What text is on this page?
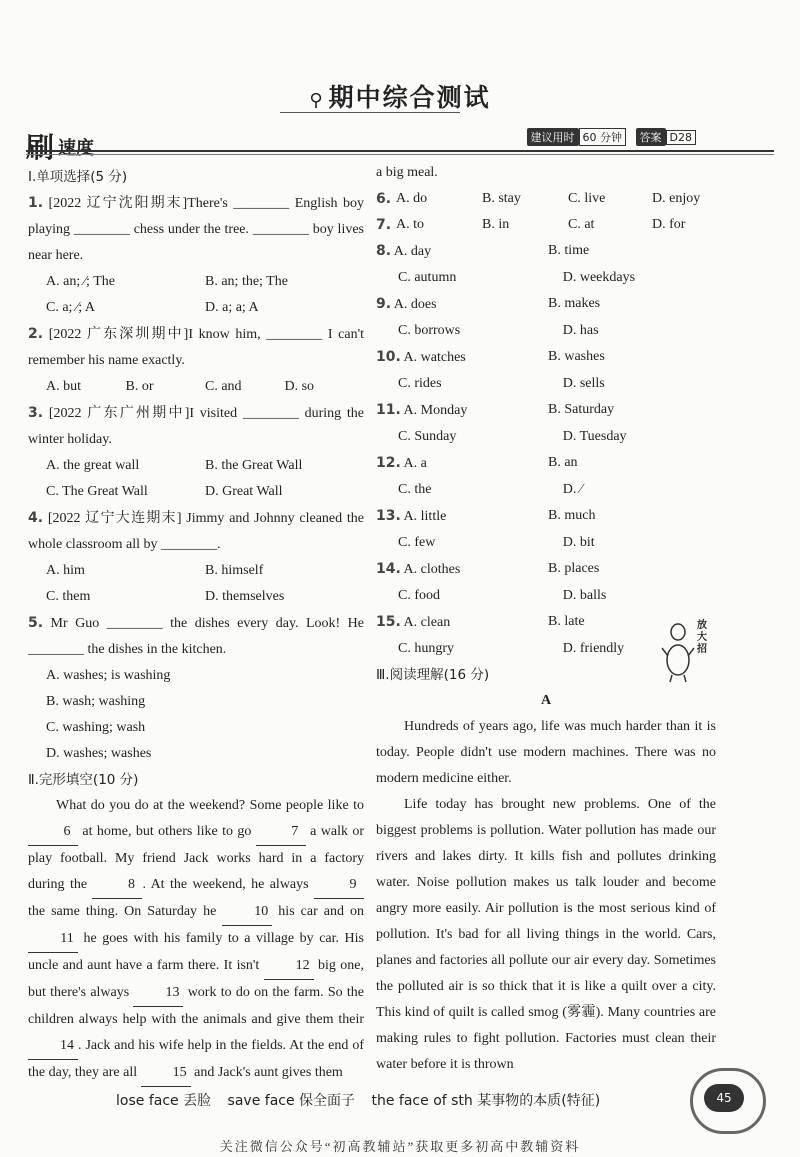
⚲ 期中综合测试
刷 速度
建议用时 60 分钟 答案 D28
Ⅰ.单项选择(5 分)

1. [2022 辽宁沈阳期末]There's ________ English boy playing ________ chess under the tree. ________ boy lives near here.

A. an; ∕; The	B. an; the; The
C. a; ∕; A	D. a; a; A

2. [2022 广东深圳期中]I know him, ________ I can't remember his name exactly.

A. but	B. or	C. and	D. so

3. [2022 广东广州期中]I visited ________ during the winter holiday.

A. the great wall	B. the Great Wall
C. The Great Wall	D. Great Wall

4. [2022 辽宁大连期末] Jimmy and Johnny cleaned the whole classroom all by ________.

A. him	B. himself
C. them	D. themselves

5. Mr Guo ________ the dishes every day. Look! He ________ the dishes in the kitchen.

A. washes; is washing
B. wash; washing
C. washing; wash
D. washes; washes
Ⅱ.完形填空(10 分)

What do you do at the weekend? Some people like to 6 at home, but others like to go	7 a walk or play football. My friend Jack works hard in a factory during the	8 . At the weekend, he always	9 the same thing. On Saturday he 10 his car and on 11 he goes with his family to a village by car. His uncle and aunt have a farm there. It isn't 12 big one, but there's always 13 work to do on the farm. So the children always help with the animals and give them their 14 . Jack and his wife help in the fields. At the end of the day, they are all 15 and Jack's aunt gives them

a big meal.
6. A. do	B. stay	C. live	D. enjoy
7. A. to	B. in	C. at	D. for
8. A. day	B. time
C. autumn	D. weekdays
9. A. does	B. makes
C. borrows	D. has
10. A. watches	B. washes
C. rides	D. sells
11. A. Monday	B. Saturday
C. Sunday	D. Tuesday
12. A. a	B. an
C. the	D. ∕
13. A. little	B. much
C. few	D. bit
14. A. clothes	B. places
C. food	D. balls
15. A. clean	B. late
C. hungry	D. friendly
Ⅲ.阅读理解(16 分)
A

Hundreds of years ago, life was much harder than it is today. People didn't use modern machines. There was no modern medicine either.

Life today has brought new problems. One of the biggest problems is pollution. Water pollution has made our rivers and lakes dirty. It kills fish and pollutes drinking water. Noise pollution makes us talk louder and become angry more easily. Air pollution is the most serious kind of pollution. It's bad for all living things in the world. Cars, planes and factories all pollute our air every day. Sometimes the polluted air is so thick that it is like a quilt over a city. This kind of quilt is called smog (雾霾). Many countries are making rules to fight pollution. Factories must clean their water before it is thrown

放大招
lose face 丢脸 save face 保全面子 the face of sth 某事物的本质(特征)	45
关注微信公众号“初高教辅站”获取更多初高中教辅资料
